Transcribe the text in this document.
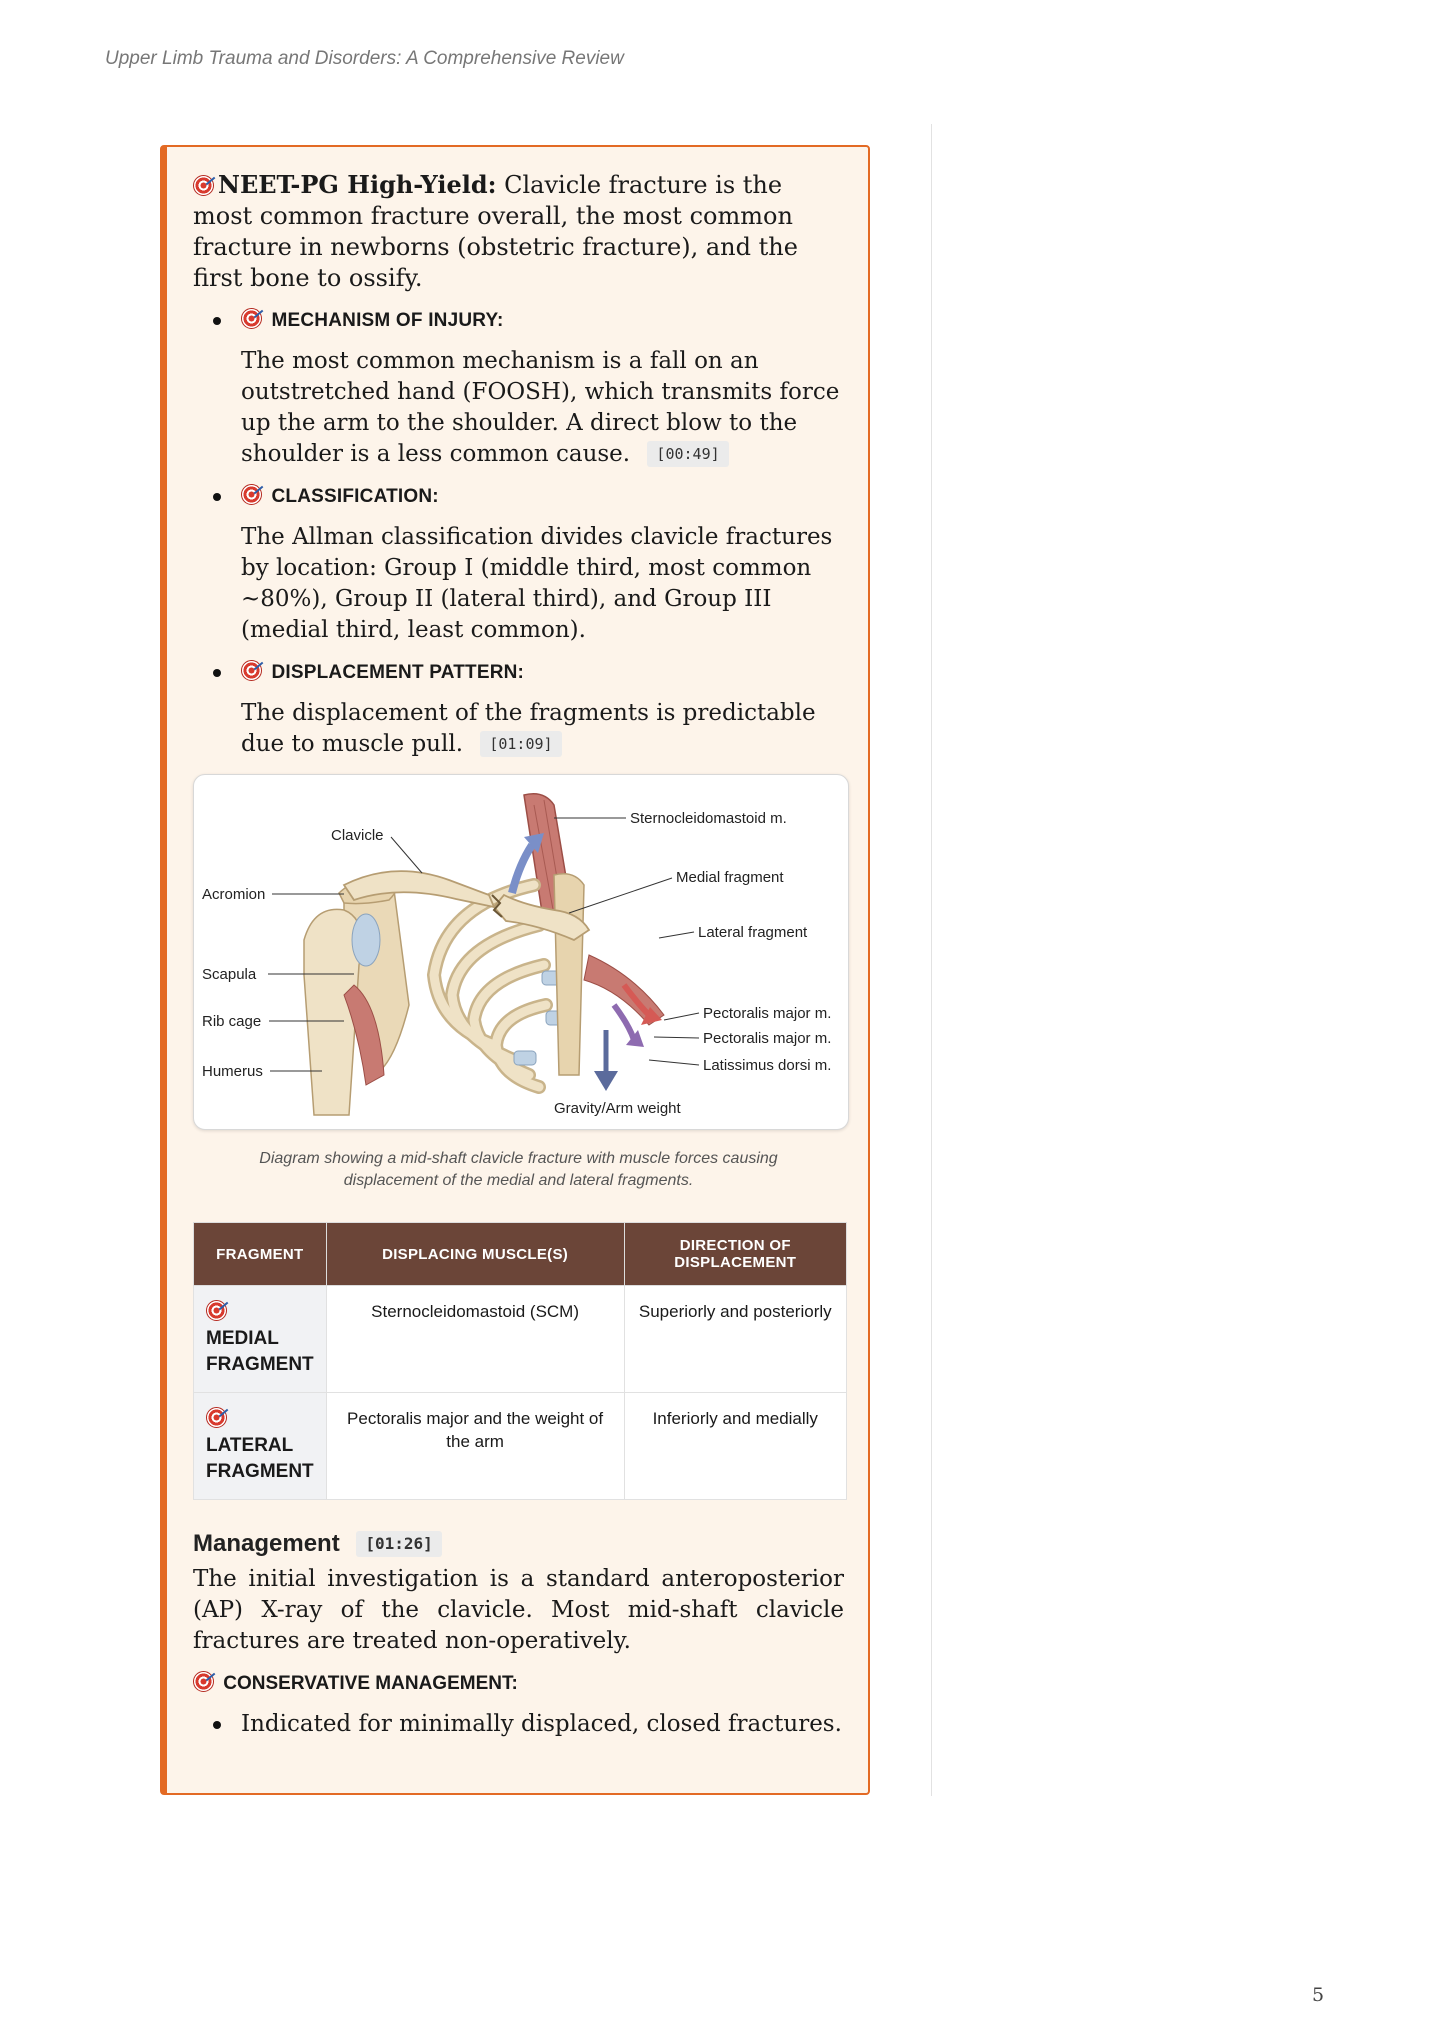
Upper Limb Trauma and Disorders: A Comprehensive Review

NEET-PG High-Yield: Clavicle fracture is the most common fracture overall, the most common fracture in newborns (obstetric fracture), and the first bone to ossify.

MECHANISM OF INJURY:
The most common mechanism is a fall on an outstretched hand (FOOSH), which transmits force up the arm to the shoulder. A direct blow to the shoulder is a less common cause. [00:49]
CLASSIFICATION:
The Allman classification divides clavicle fractures by location: Group I (middle third, most common ~80%), Group II (lateral third), and Group III (medial third, least common).
DISPLACEMENT PATTERN:
The displacement of the fragments is predictable due to muscle pull. [01:09]
Clavicle
Acromion
Scapula
Rib cage
Humerus
Sternocleidomastoid m.
Medial fragment
Lateral fragment
Pectoralis major m.
Pectoralis major m.
Latissimus dorsi m.
Gravity/Arm weight
Diagram showing a mid-shaft clavicle fracture with muscle forces causing displacement of the medial and lateral fragments.
FRAGMENT	DISPLACING MUSCLE(S)	DIRECTION OF DISPLACEMENT

MEDIAL FRAGMENT	Sternocleidomastoid (SCM)	Superiorly and posteriorly

LATERAL FRAGMENT	Pectoralis major and the weight of the arm	Inferiorly and medially
Management [01:26]
The initial investigation is a standard anteroposterior (AP) X-ray of the clavicle. Most mid-shaft clavicle fractures are treated non-operatively.
CONSERVATIVE MANAGEMENT:
Indicated for minimally displaced, closed fractures.
5
